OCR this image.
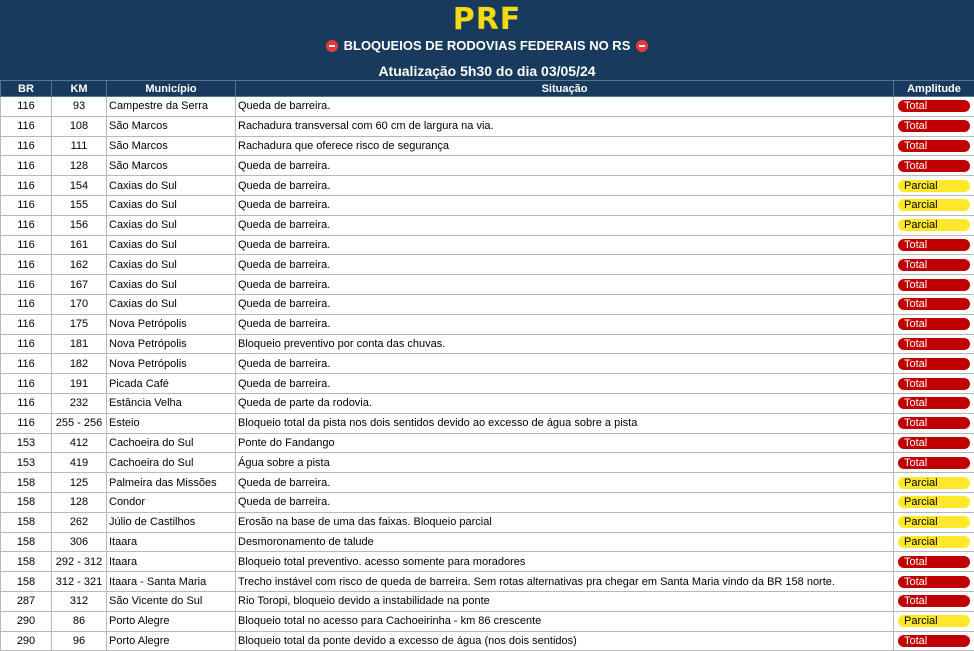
PRF
BLOQUEIOS DE RODOVIAS FEDERAIS NO RS
Atualização 5h30 do dia 03/05/24
BR	KM	Município	Situação	Amplitude
116	93	Campestre da Serra	Queda de barreira.	Total

116	108	São Marcos	Rachadura transversal com 60 cm de largura na via.	Total

116	111	São Marcos	Rachadura que oferece risco de segurança	Total

116	128	São Marcos	Queda de barreira.	Total

116	154	Caxias do Sul	Queda de barreira.	Parcial

116	155	Caxias do Sul	Queda de barreira.	Parcial

116	156	Caxias do Sul	Queda de barreira.	Parcial

116	161	Caxias do Sul	Queda de barreira.	Total

116	162	Caxias do Sul	Queda de barreira.	Total

116	167	Caxias do Sul	Queda de barreira.	Total

116	170	Caxias do Sul	Queda de barreira.	Total

116	175	Nova Petrópolis	Queda de barreira.	Total

116	181	Nova Petrópolis	Bloqueio preventivo por conta das chuvas.	Total

116	182	Nova Petrópolis	Queda de barreira.	Total

116	191	Picada Café	Queda de barreira.	Total

116	232	Estância Velha	Queda de parte da rodovia.	Total

116	255 - 256	Esteio	Bloqueio total da pista nos dois sentidos devido ao excesso de água sobre a pista	Total

153	412	Cachoeira do Sul	Ponte do Fandango	Total

153	419	Cachoeira do Sul	Água sobre a pista	Total

158	125	Palmeira das Missões	Queda de barreira.	Parcial

158	128	Condor	Queda de barreira.	Parcial

158	262	Júlio de Castilhos	Erosão na base de uma das faixas. Bloqueio parcial	Parcial

158	306	Itaara	Desmoronamento de talude	Parcial

158	292 - 312	Itaara	Bloqueio total preventivo. acesso somente para moradores	Total

158	312 - 321	Itaara - Santa Maria	Trecho instável com risco de queda de barreira. Sem rotas alternativas pra chegar em Santa Maria vindo da BR 158 norte.	Total

287	312	São Vicente do Sul	Rio Toropi, bloqueio devido a instabilidade na ponte	Total

290	86	Porto Alegre	Bloqueio total no acesso para Cachoeirinha - km 86 crescente	Parcial

290	96	Porto Alegre	Bloqueio total da ponte devido a excesso de água (nos dois sentidos)	Total
